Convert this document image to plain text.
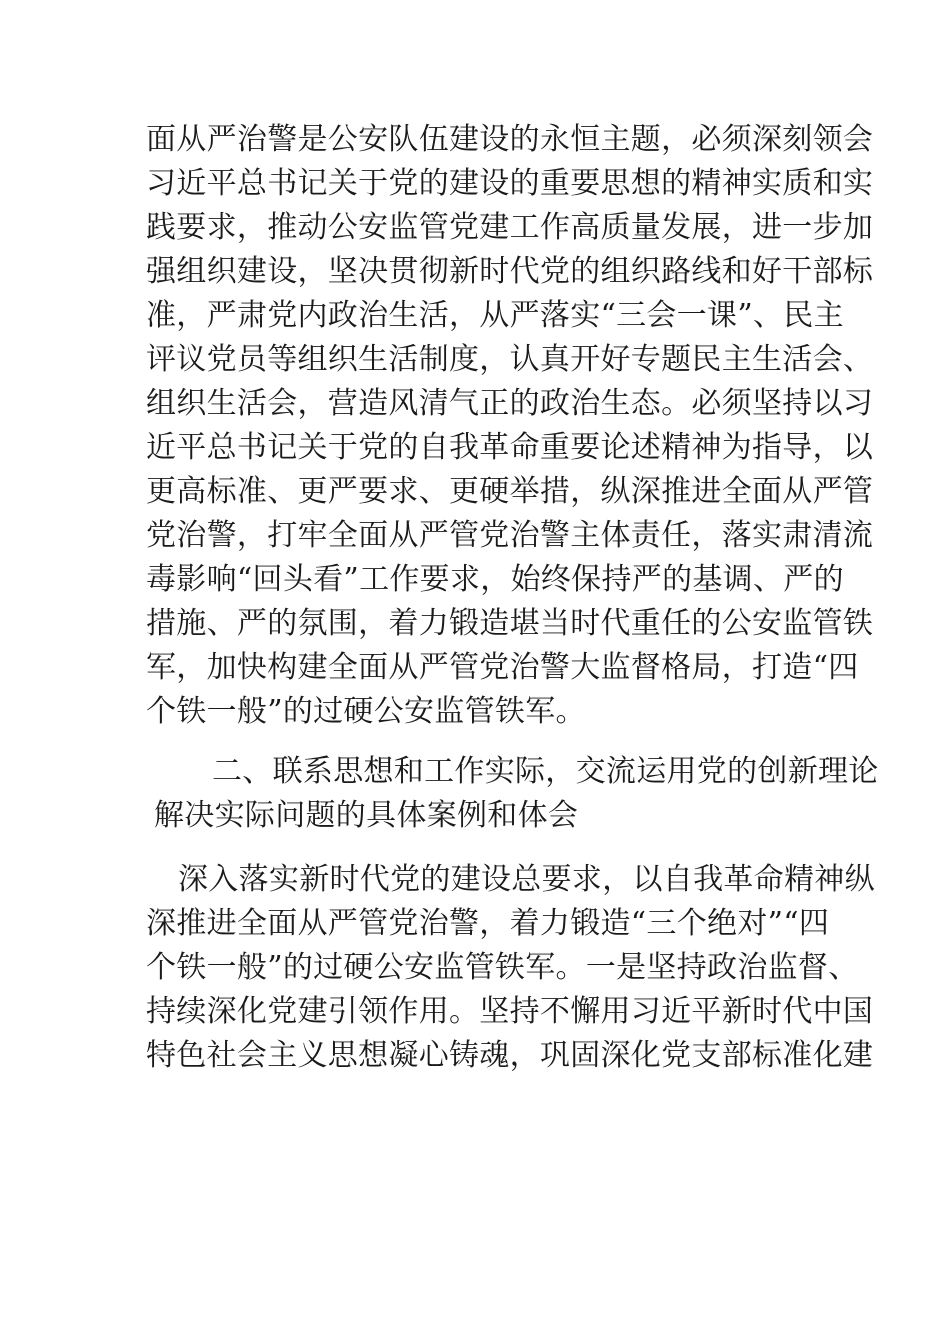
面从严治警是公安队伍建设的永恒主题，必须深刻领会
习近平总书记关于党的建设的重要思想的精神实质和实
践要求，推动公安监管党建工作高质量发展，进一步加
强组织建设，坚决贯彻新时代党的组织路线和好干部标
准，严肃党内政治生活，从严落实“三会一课”、民主
评议党员等组织生活制度，认真开好专题民主生活会、
组织生活会，营造风清气正的政治生态。必须坚持以习
近平总书记关于党的自我革命重要论述精神为指导，以
更高标准、更严要求、更硬举措，纵深推进全面从严管
党治警，打牢全面从严管党治警主体责任，落实肃清流
毒影响“回头看”工作要求，始终保持严的基调、严的
措施、严的氛围，着力锻造堪当时代重任的公安监管铁
军，加快构建全面从严管党治警大监督格局，打造“四
个铁一般”的过硬公安监管铁军。
二、联系思想和工作实际，交流运用党的创新理论
解决实际问题的具体案例和体会
深入落实新时代党的建设总要求，以自我革命精神纵
深推进全面从严管党治警，着力锻造“三个绝对”“四
个铁一般”的过硬公安监管铁军。一是坚持政治监督、
持续深化党建引领作用。坚持不懈用习近平新时代中国
特色社会主义思想凝心铸魂，巩固深化党支部标准化建
